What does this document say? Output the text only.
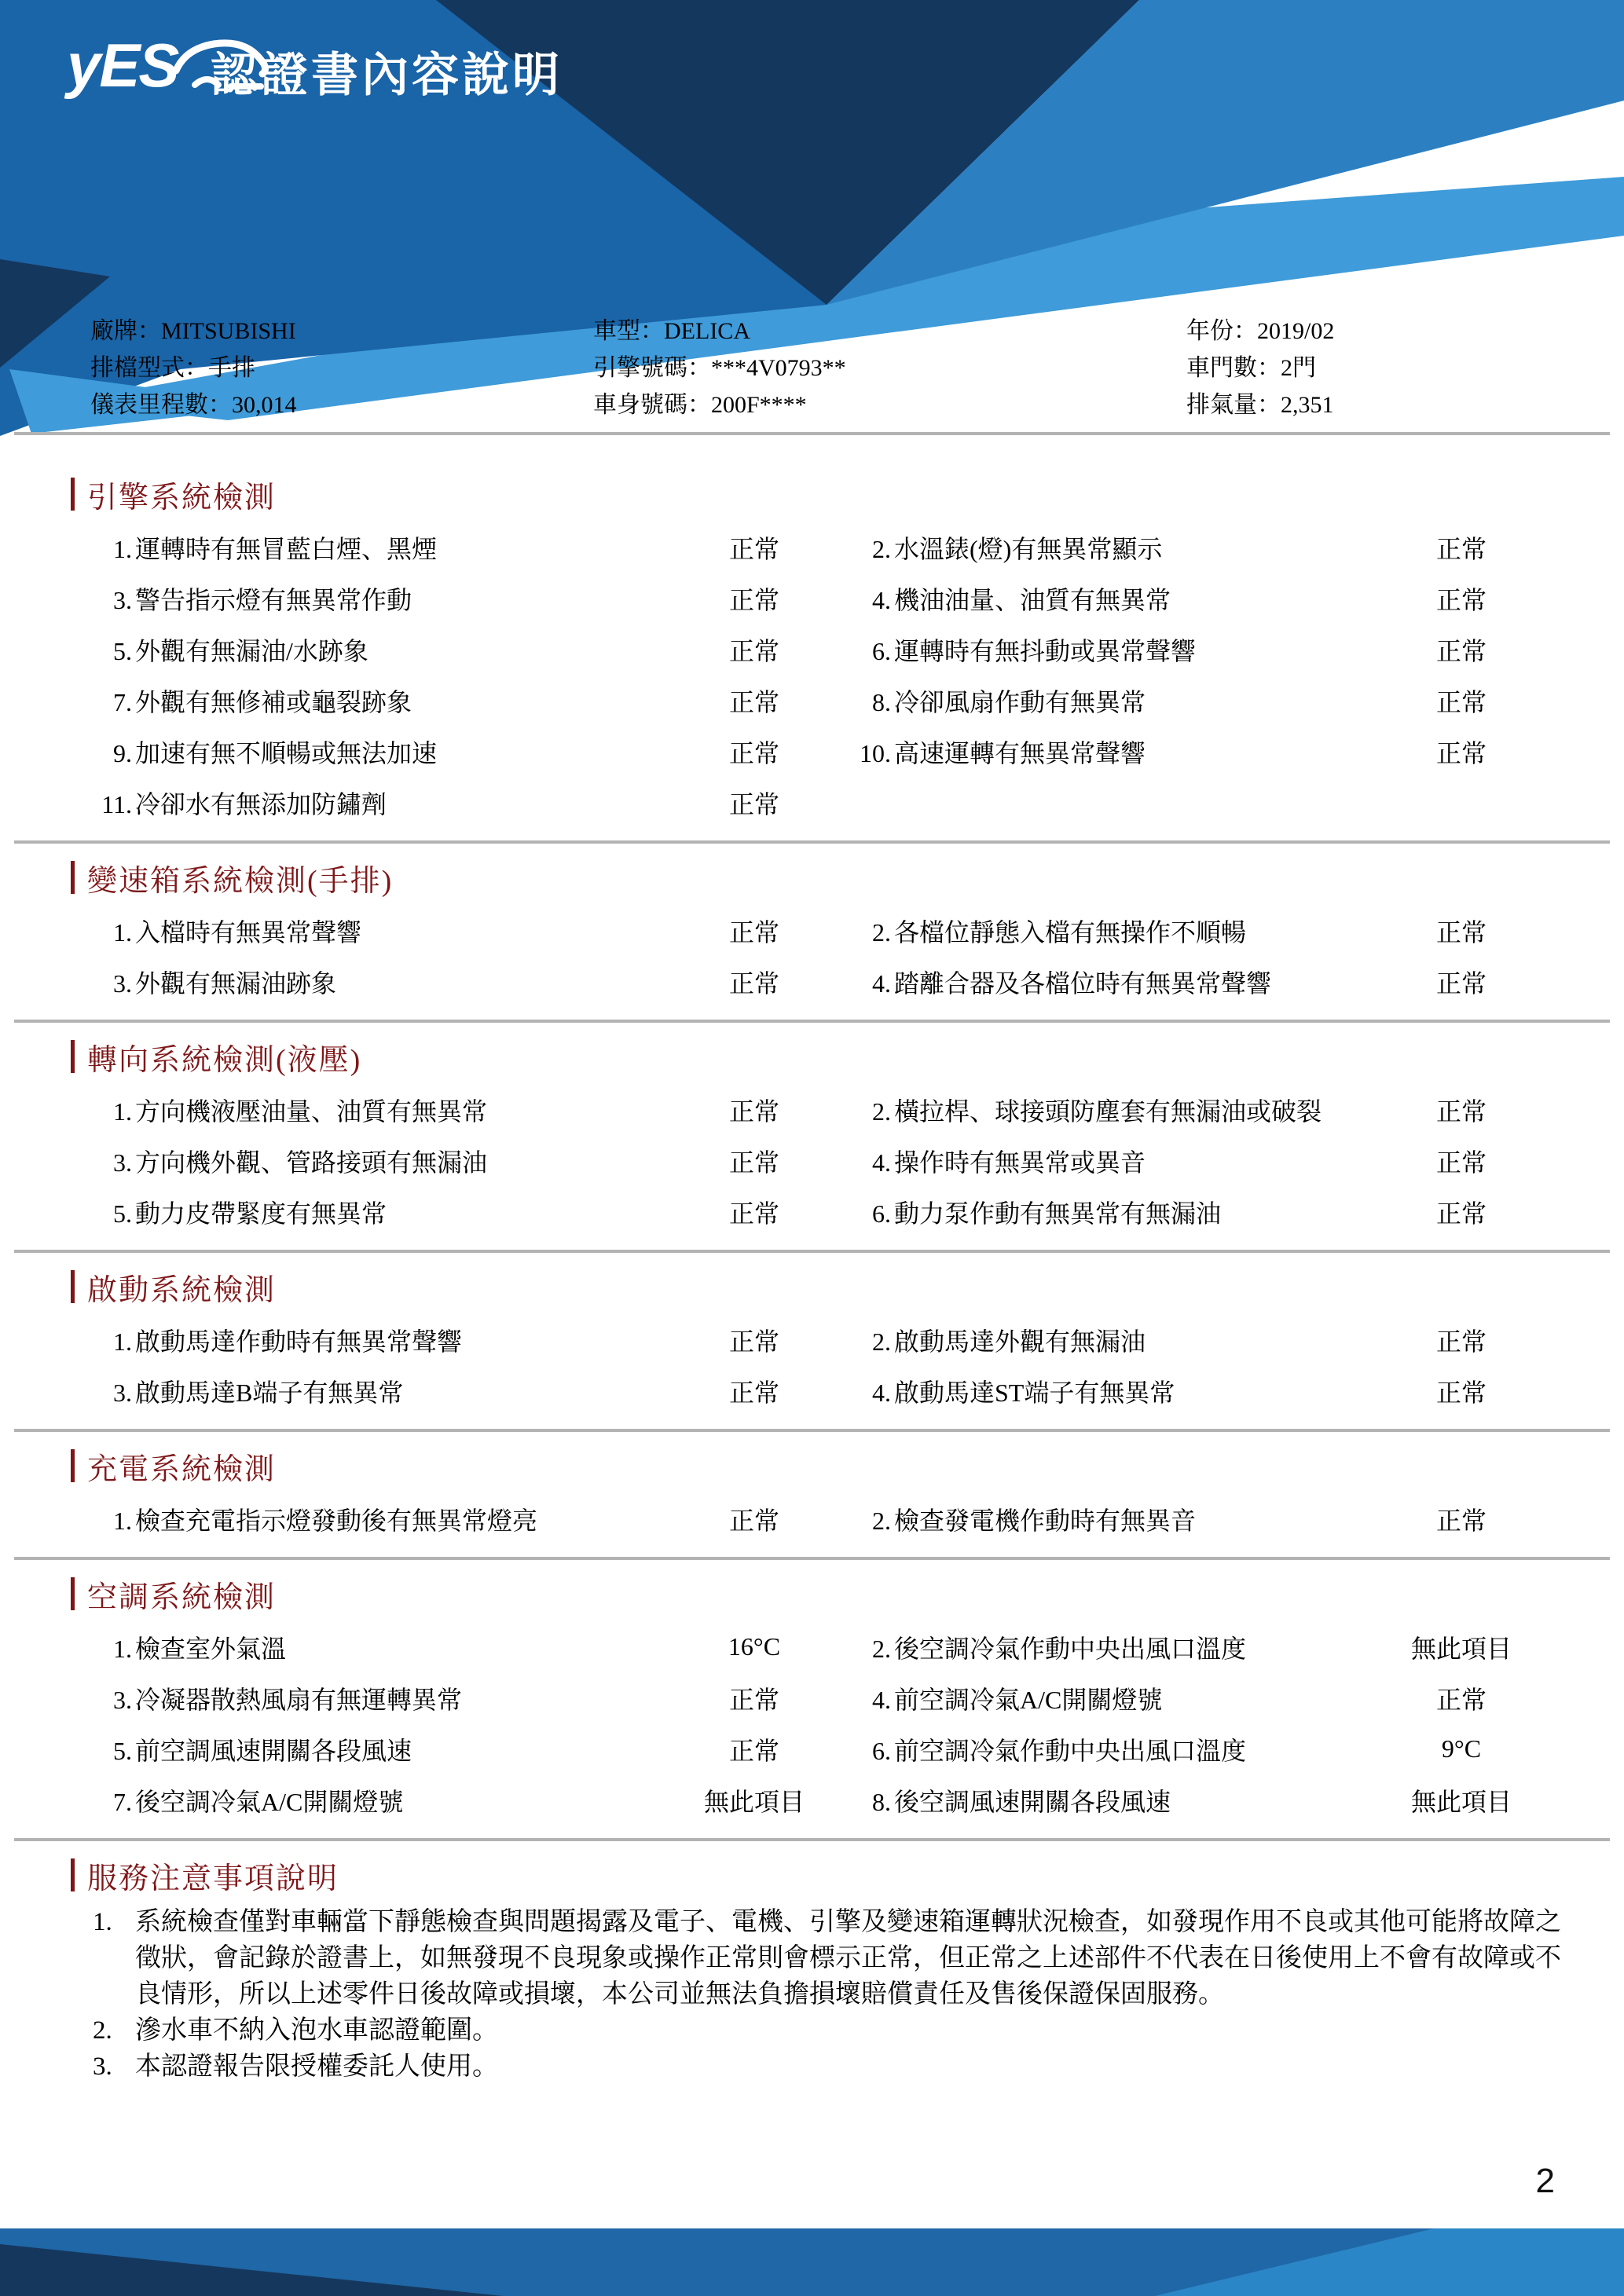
yES 認證書內容說明
廠牌：MITSUBISHI	車型：DELICA	年份：2019/02
排檔型式：手排	引擎號碼：***4V0793**	車門數：2門
儀表里程數：30,014	車身號碼：200F****	排氣量：2,351
引擎系統檢測
1. 運轉時有無冒藍白煙、黑煙	正常	2. 水溫錶(燈)有無異常顯示	正常
3. 警告指示燈有無異常作動	正常	4. 機油油量、油質有無異常	正常
5. 外觀有無漏油/水跡象	正常	6. 運轉時有無抖動或異常聲響	正常
7. 外觀有無修補或龜裂跡象	正常	8. 冷卻風扇作動有無異常	正常
9. 加速有無不順暢或無法加速	正常	10. 高速運轉有無異常聲響	正常
11. 冷卻水有無添加防鏽劑	正常
變速箱系統檢測(手排)
1. 入檔時有無異常聲響	正常	2. 各檔位靜態入檔有無操作不順暢	正常
3. 外觀有無漏油跡象	正常	4. 踏離合器及各檔位時有無異常聲響	正常
轉向系統檢測(液壓)
1. 方向機液壓油量、油質有無異常	正常	2. 橫拉桿、球接頭防塵套有無漏油或破裂	正常
3. 方向機外觀、管路接頭有無漏油	正常	4. 操作時有無異常或異音	正常
5. 動力皮帶緊度有無異常	正常	6. 動力泵作動有無異常有無漏油	正常
啟動系統檢測
1. 啟動馬達作動時有無異常聲響	正常	2. 啟動馬達外觀有無漏油	正常
3. 啟動馬達B端子有無異常	正常	4. 啟動馬達ST端子有無異常	正常
充電系統檢測
1. 檢查充電指示燈發動後有無異常燈亮	正常	2. 檢查發電機作動時有無異音	正常
空調系統檢測
1. 檢查室外氣溫	16°C	2. 後空調冷氣作動中央出風口溫度	無此項目
3. 冷凝器散熱風扇有無運轉異常	正常	4. 前空調冷氣A/C開關燈號	正常
5. 前空調風速開關各段風速	正常	6. 前空調冷氣作動中央出風口溫度	9°C
7. 後空調冷氣A/C開關燈號	無此項目	8. 後空調風速開關各段風速	無此項目
服務注意事項說明
1. 系統檢查僅對車輛當下靜態檢查與問題揭露及電子、電機、引擎及變速箱運轉狀況檢查，如發現作用不良或其他可能將故障之徵狀，會記錄於證書上，如無發現不良現象或操作正常則會標示正常，但正常之上述部件不代表在日後使用上不會有故障或不良情形，所以上述零件日後故障或損壞，本公司並無法負擔損壞賠償責任及售後保證保固服務。
2. 滲水車不納入泡水車認證範圍。
3. 本認證報告限授權委託人使用。
2
